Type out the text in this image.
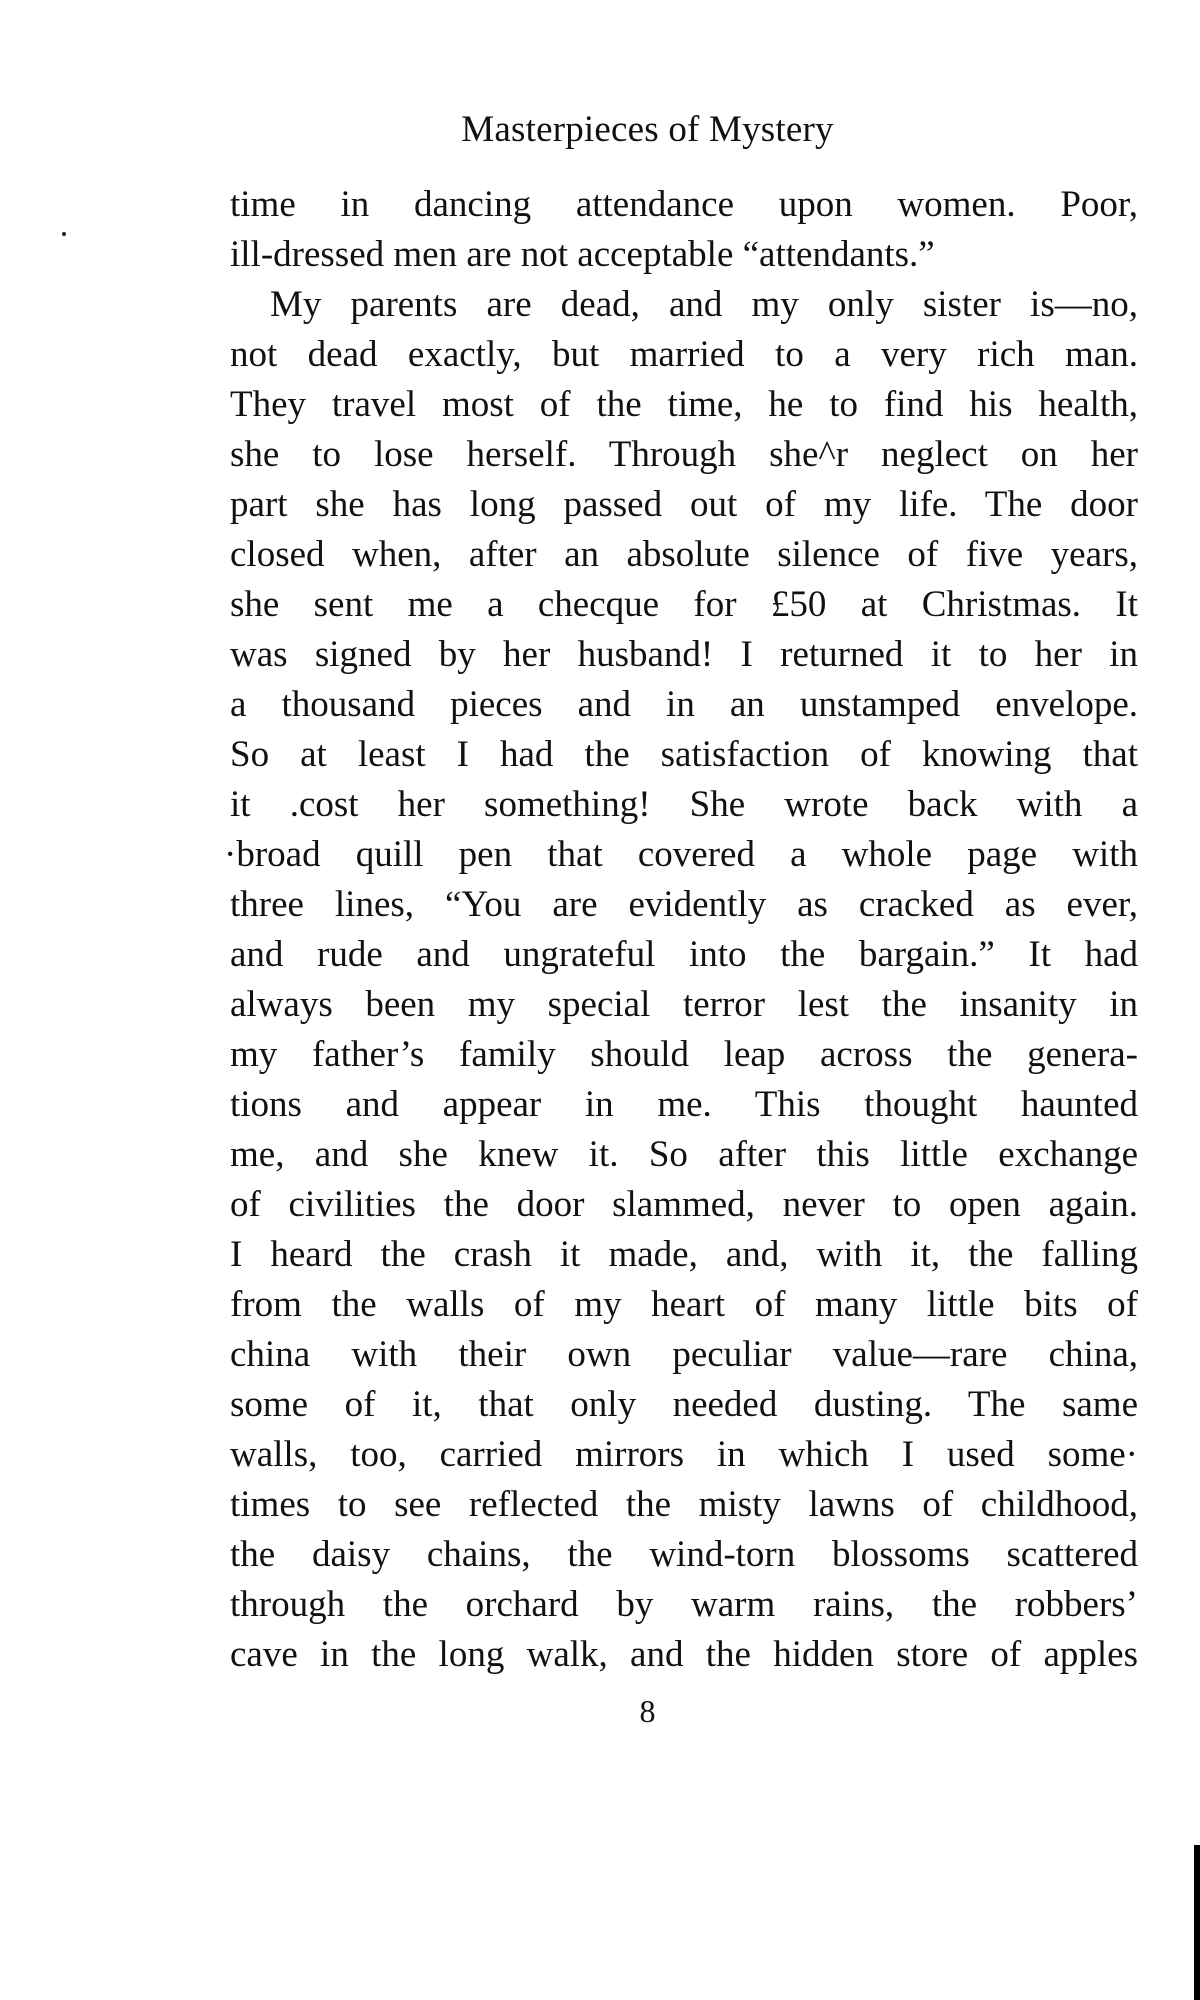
Masterpieces of Mystery
time in dancing attendance upon women. Poor,
ill-dressed men are not acceptable “attendants.”
My parents are dead, and my only sister is—no,
not dead exactly, but married to a very rich man.
They travel most of the time, he to find his health,
she to lose herself. Through she^r neglect on her
part she has long passed out of my life. The door
closed when, after an absolute silence of five years,
she sent me a checque for £50 at Christmas. It
was signed by her husband! I returned it to her in
a thousand pieces and in an unstamped envelope.
So at least I had the satisfaction of knowing that
it .cost her something! She wrote back with a
·broad quill pen that covered a whole page with
three lines, “You are evidently as cracked as ever,
and rude and ungrateful into the bargain.” It had
always been my special terror lest the insanity in
my father’s family should leap across the genera-
tions and appear in me. This thought haunted
me, and she knew it. So after this little exchange
of civilities the door slammed, never to open again.
I heard the crash it made, and, with it, the falling
from the walls of my heart of many little bits of
china with their own peculiar value—rare china,
some of it, that only needed dusting. The same
walls, too, carried mirrors in which I used some·
times to see reflected the misty lawns of childhood,
the daisy chains, the wind-torn blossoms scattered
through the orchard by warm rains, the robbers’
cave in the long walk, and the hidden store of apples
8
